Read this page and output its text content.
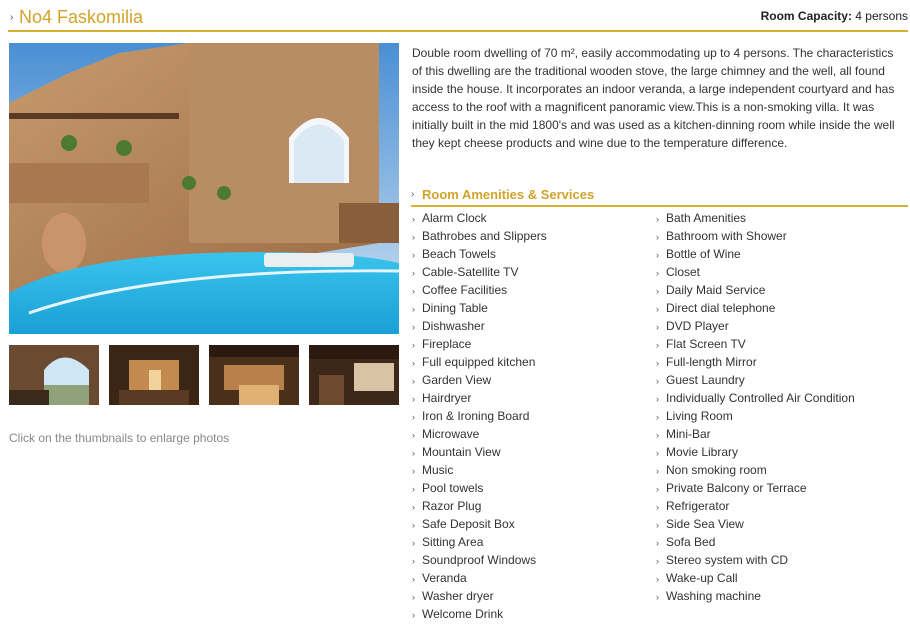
› No4 Faskomilia	Room Capacity: 4 persons
Click on the thumbnails to enlarge photos
Double room dwelling of 70 m², easily accommodating up to 4 persons. The characteristics of this dwelling are the traditional wooden stove, the large chimney and the well, all found inside the house. It incorporates an indoor veranda, a large independent courtyard and has access to the roof with a magnificent panoramic view.This is a non-smoking villa. It was initially built in the mid 1800's and was used as a kitchen-dinning room while inside the well they kept cheese products and wine due to the temperature difference.
› Room Amenities & Services
› Alarm Clock
› Bathrobes and Slippers
› Beach Towels
› Cable-Satellite TV
› Coffee Facilities
› Dining Table
› Dishwasher
› Fireplace
› Full equipped kitchen
› Garden View
› Hairdryer
› Iron & Ironing Board
› Microwave
› Mountain View
› Music
› Pool towels
› Razor Plug
› Safe Deposit Box
› Sitting Area
› Soundproof Windows
› Veranda
› Washer dryer
› Welcome Drink
› Bath Amenities
› Bathroom with Shower
› Bottle of Wine
› Closet
› Daily Maid Service
› Direct dial telephone
› DVD Player
› Flat Screen TV
› Full-length Mirror
› Guest Laundry
› Individually Controlled Air Condition
› Living Room
› Mini-Bar
› Movie Library
› Non smoking room
› Private Balcony or Terrace
› Refrigerator
› Side Sea View
› Sofa Bed
› Stereo system with CD
› Wake-up Call
› Washing machine
